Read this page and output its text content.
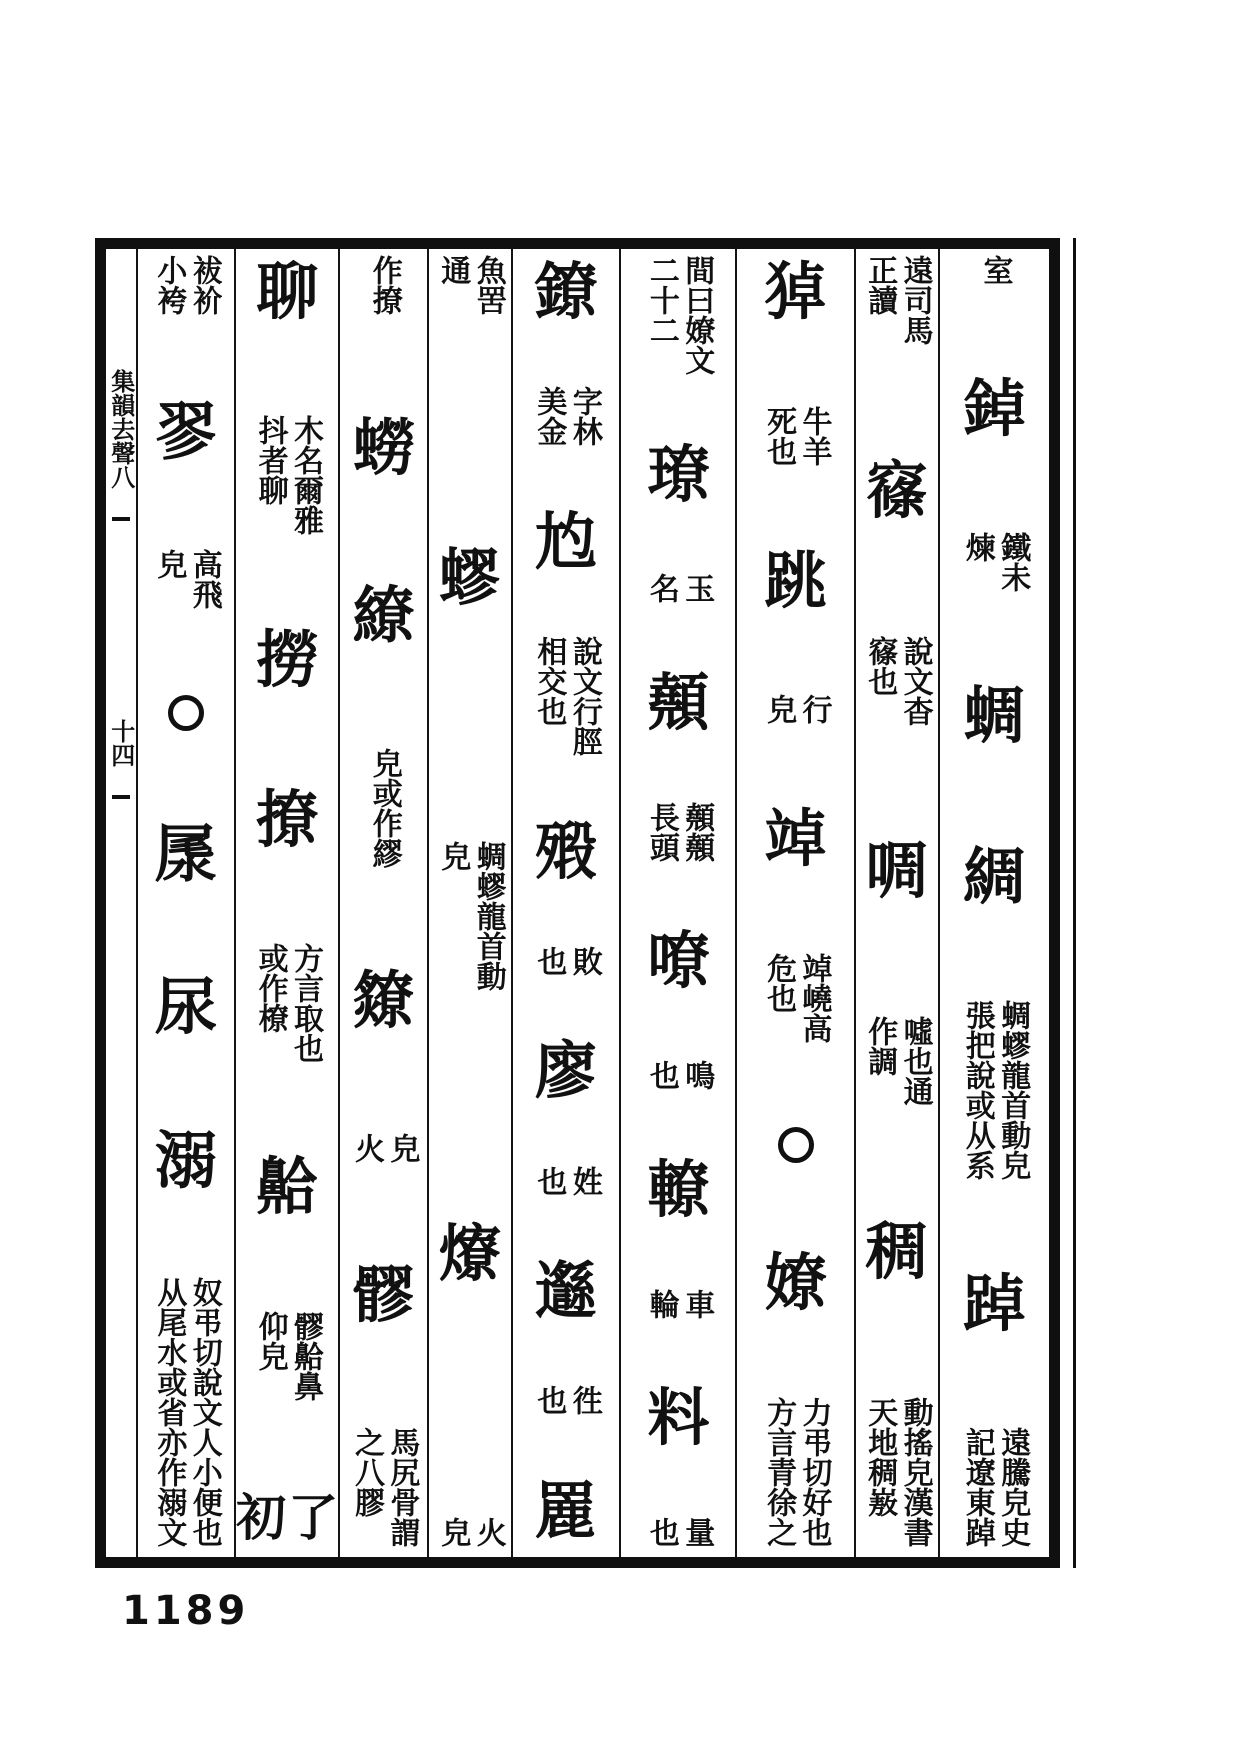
室
鋽
鐵未
煉
蜩
綢
蜩蟉龍首動皃
張把說或从系
踔
遠騰皃史
記遼東踔
遠司馬
正讀
窱
說文杳
窱也
啁
噓也通
作調
稠
動搖皃漢書
天地稠㟼
㹿
牛羊
死也
跳
行
皃
竨
竨嶢高
危也
嫽
力弔切好也
方言青徐之
間曰嫽文
二十二
璙
玉
名
顤
顤顤
長頭
嘹
鳴
也
轑
車
輪
料
量
也
鐐
字林
美金
尥
說文行脛
相交也
㱭
敗
也
廖
姓
也
邎
徃
也
䍡
魚罟
通
蟉
蜩蟉龍首動
皃
爎
火
皃
作撩
蟧
繚
皃或作繆
爒
皃
火
髎
馬尻骨謂
之八膠
聊
木名爾雅
抖者聊
撈
撩
方言取也
或作橑
䶎
髎䶎鼻
仰皃
了
初
袚衸
小袴
翏
高飛
皃
㞙
尿
溺
奴弔切說文人小便也
从尾水或省亦作溺文
集韻去聲八
十四
1189
